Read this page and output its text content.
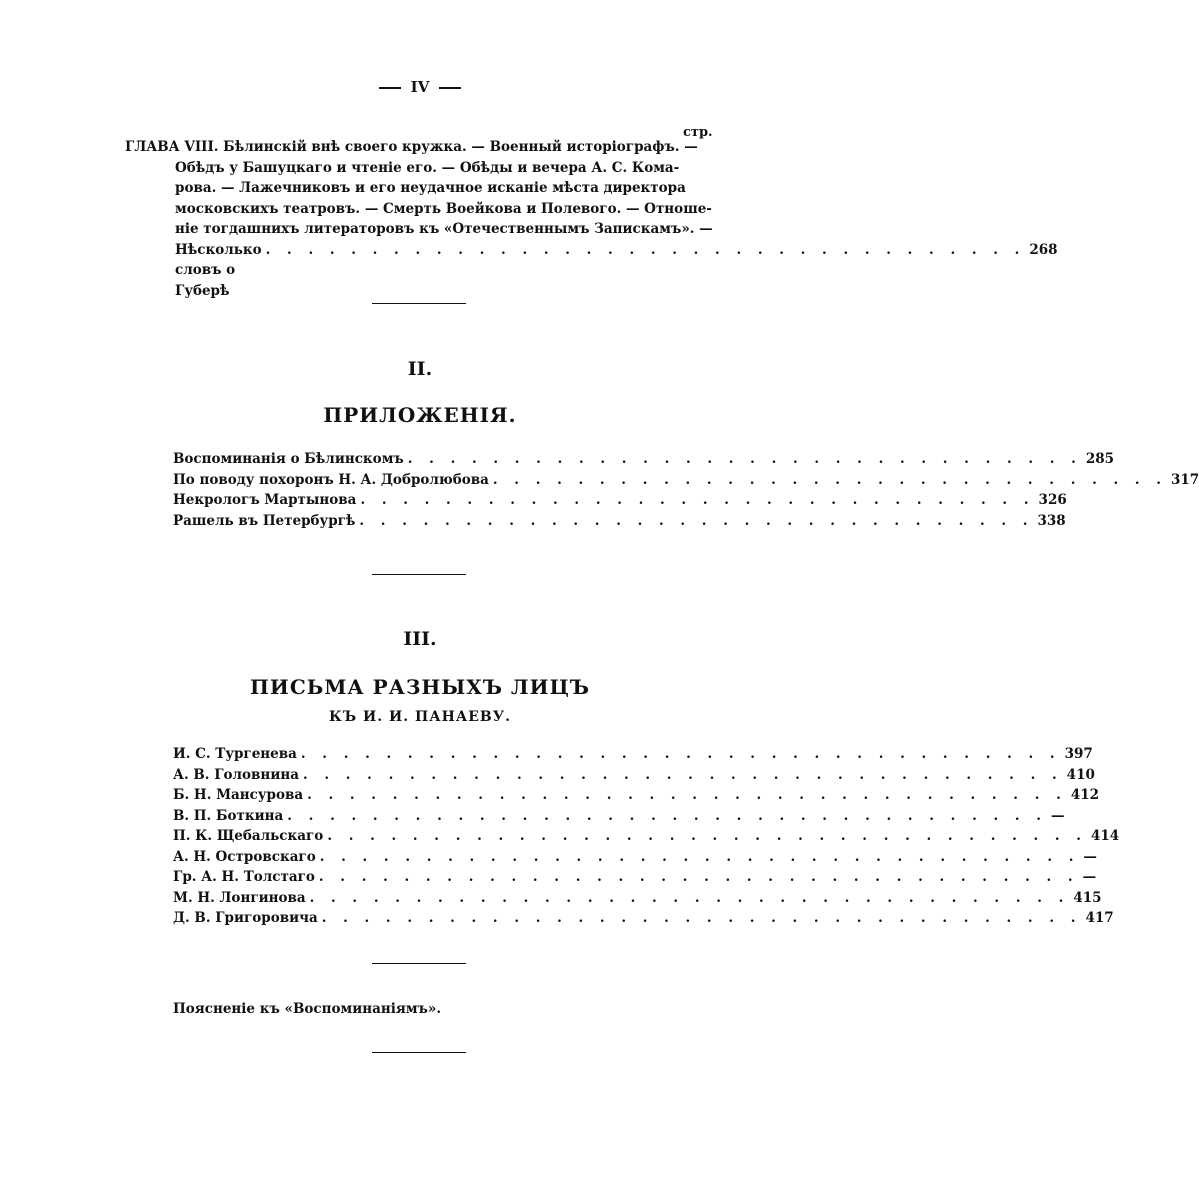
IV
стр.
ГЛАВА VIII. Бѣлинскій внѣ своего кружка. — Военный исторіографъ. —
Обѣдъ у Башуцкаго и чтеніе его. — Обѣды и вечера А. С. Кома-
рова. — Лажечниковъ и его неудачное исканіе мѣста директора
московскихъ театровъ. — Смерть Воейкова и Полевого. — Отноше-
ніе тогдашнихъ литераторовъ къ «Отечественнымъ Запискамъ». —
Нѣсколько словъ о Губерѣ
. . . . . . . . . . . . . . . . . . . . . . . . . . . . . . . . . . . . 268
II.
ПРИЛОЖЕНІЯ.
Воспоминанія о Бѣлинскомъ . . . . . . . . . . . . . . . . . . . . . . . . . . . . . . . . 285
По поводу похоронъ Н. А. Добролюбова . . . . . . . . . . . . . . . . . . . . . . . . . . . . . . . . 317
Некрологъ Мартынова . . . . . . . . . . . . . . . . . . . . . . . . . . . . . . . . 326
Рашель въ Петербургѣ . . . . . . . . . . . . . . . . . . . . . . . . . . . . . . . . 338
III.
ПИСЬМА РАЗНЫХЪ ЛИЦЪ
КЪ И. И. ПАНАЕВУ.
И. С. Тургенева . . . . . . . . . . . . . . . . . . . . . . . . . . . . . . . . . . . . 397
А. В. Головнина . . . . . . . . . . . . . . . . . . . . . . . . . . . . . . . . . . . . 410
Б. Н. Мансурова . . . . . . . . . . . . . . . . . . . . . . . . . . . . . . . . . . . . 412
В. П. Боткина . . . . . . . . . . . . . . . . . . . . . . . . . . . . . . . . . . . . —
П. К. Щебальскаго . . . . . . . . . . . . . . . . . . . . . . . . . . . . . . . . . . . . 414
А. Н. Островскаго . . . . . . . . . . . . . . . . . . . . . . . . . . . . . . . . . . . . —
Гр. А. Н. Толстаго . . . . . . . . . . . . . . . . . . . . . . . . . . . . . . . . . . . . —
М. Н. Лонгинова . . . . . . . . . . . . . . . . . . . . . . . . . . . . . . . . . . . . 415
Д. В. Григоровича . . . . . . . . . . . . . . . . . . . . . . . . . . . . . . . . . . . . 417
Поясненіе къ «Воспоминаніямъ».
